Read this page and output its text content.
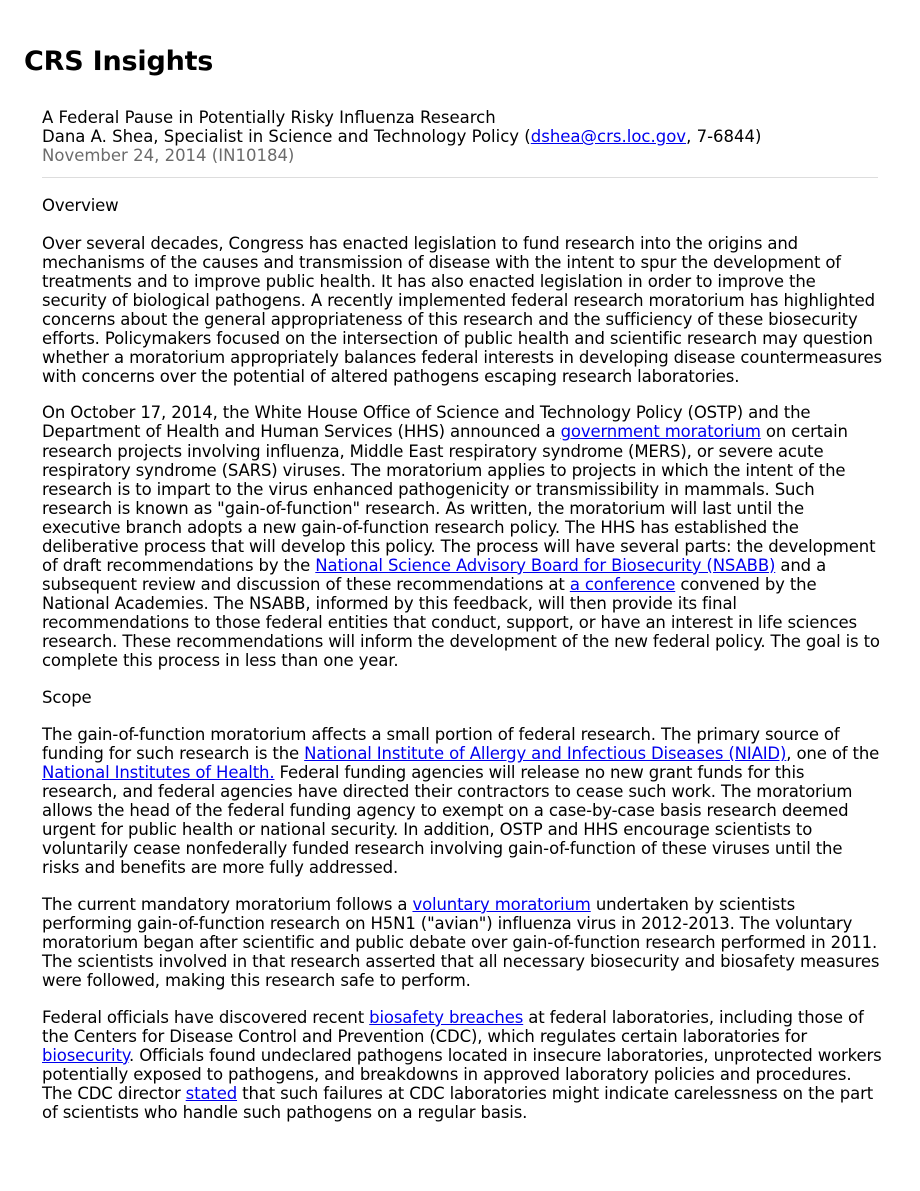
CRS Insights
A Federal Pause in Potentially Risky Influenza Research
Dana A. Shea, Specialist in Science and Technology Policy (dshea@crs.loc.gov, 7-6844)
November 24, 2014 (IN10184)

Overview

Over several decades, Congress has enacted legislation to fund research into the origins and mechanisms of the causes and transmission of disease with the intent to spur the development of treatments and to improve public health. It has also enacted legislation in order to improve the security of biological pathogens. A recently implemented federal research moratorium has highlighted concerns about the general appropriateness of this research and the sufficiency of these biosecurity efforts. Policymakers focused on the intersection of public health and scientific research may question whether a moratorium appropriately balances federal interests in developing disease countermeasures with concerns over the potential of altered pathogens escaping research laboratories.

On October 17, 2014, the White House Office of Science and Technology Policy (OSTP) and the Department of Health and Human Services (HHS) announced a government moratorium on certain research projects involving influenza, Middle East respiratory syndrome (MERS), or severe acute respiratory syndrome (SARS) viruses. The moratorium applies to projects in which the intent of the research is to impart to the virus enhanced pathogenicity or transmissibility in mammals. Such research is known as "gain-of-function" research. As written, the moratorium will last until the executive branch adopts a new gain-of-function research policy. The HHS has established the deliberative process that will develop this policy. The process will have several parts: the development of draft recommendations by the National Science Advisory Board for Biosecurity (NSABB) and a subsequent review and discussion of these recommendations at a conference convened by the National Academies. The NSABB, informed by this feedback, will then provide its final recommendations to those federal entities that conduct, support, or have an interest in life sciences research. These recommendations will inform the development of the new federal policy. The goal is to complete this process in less than one year.

Scope

The gain-of-function moratorium affects a small portion of federal research. The primary source of funding for such research is the National Institute of Allergy and Infectious Diseases (NIAID), one of the National Institutes of Health. Federal funding agencies will release no new grant funds for this research, and federal agencies have directed their contractors to cease such work. The moratorium allows the head of the federal funding agency to exempt on a case-by-case basis research deemed urgent for public health or national security. In addition, OSTP and HHS encourage scientists to voluntarily cease nonfederally funded research involving gain-of-function of these viruses until the risks and benefits are more fully addressed.

The current mandatory moratorium follows a voluntary moratorium undertaken by scientists performing gain-of-function research on H5N1 ("avian") influenza virus in 2012-2013. The voluntary moratorium began after scientific and public debate over gain-of-function research performed in 2011. The scientists involved in that research asserted that all necessary biosecurity and biosafety measures were followed, making this research safe to perform.

Federal officials have discovered recent biosafety breaches at federal laboratories, including those of the Centers for Disease Control and Prevention (CDC), which regulates certain laboratories for biosecurity. Officials found undeclared pathogens located in insecure laboratories, unprotected workers potentially exposed to pathogens, and breakdowns in approved laboratory policies and procedures. The CDC director stated that such failures at CDC laboratories might indicate carelessness on the part of scientists who handle such pathogens on a regular basis.
